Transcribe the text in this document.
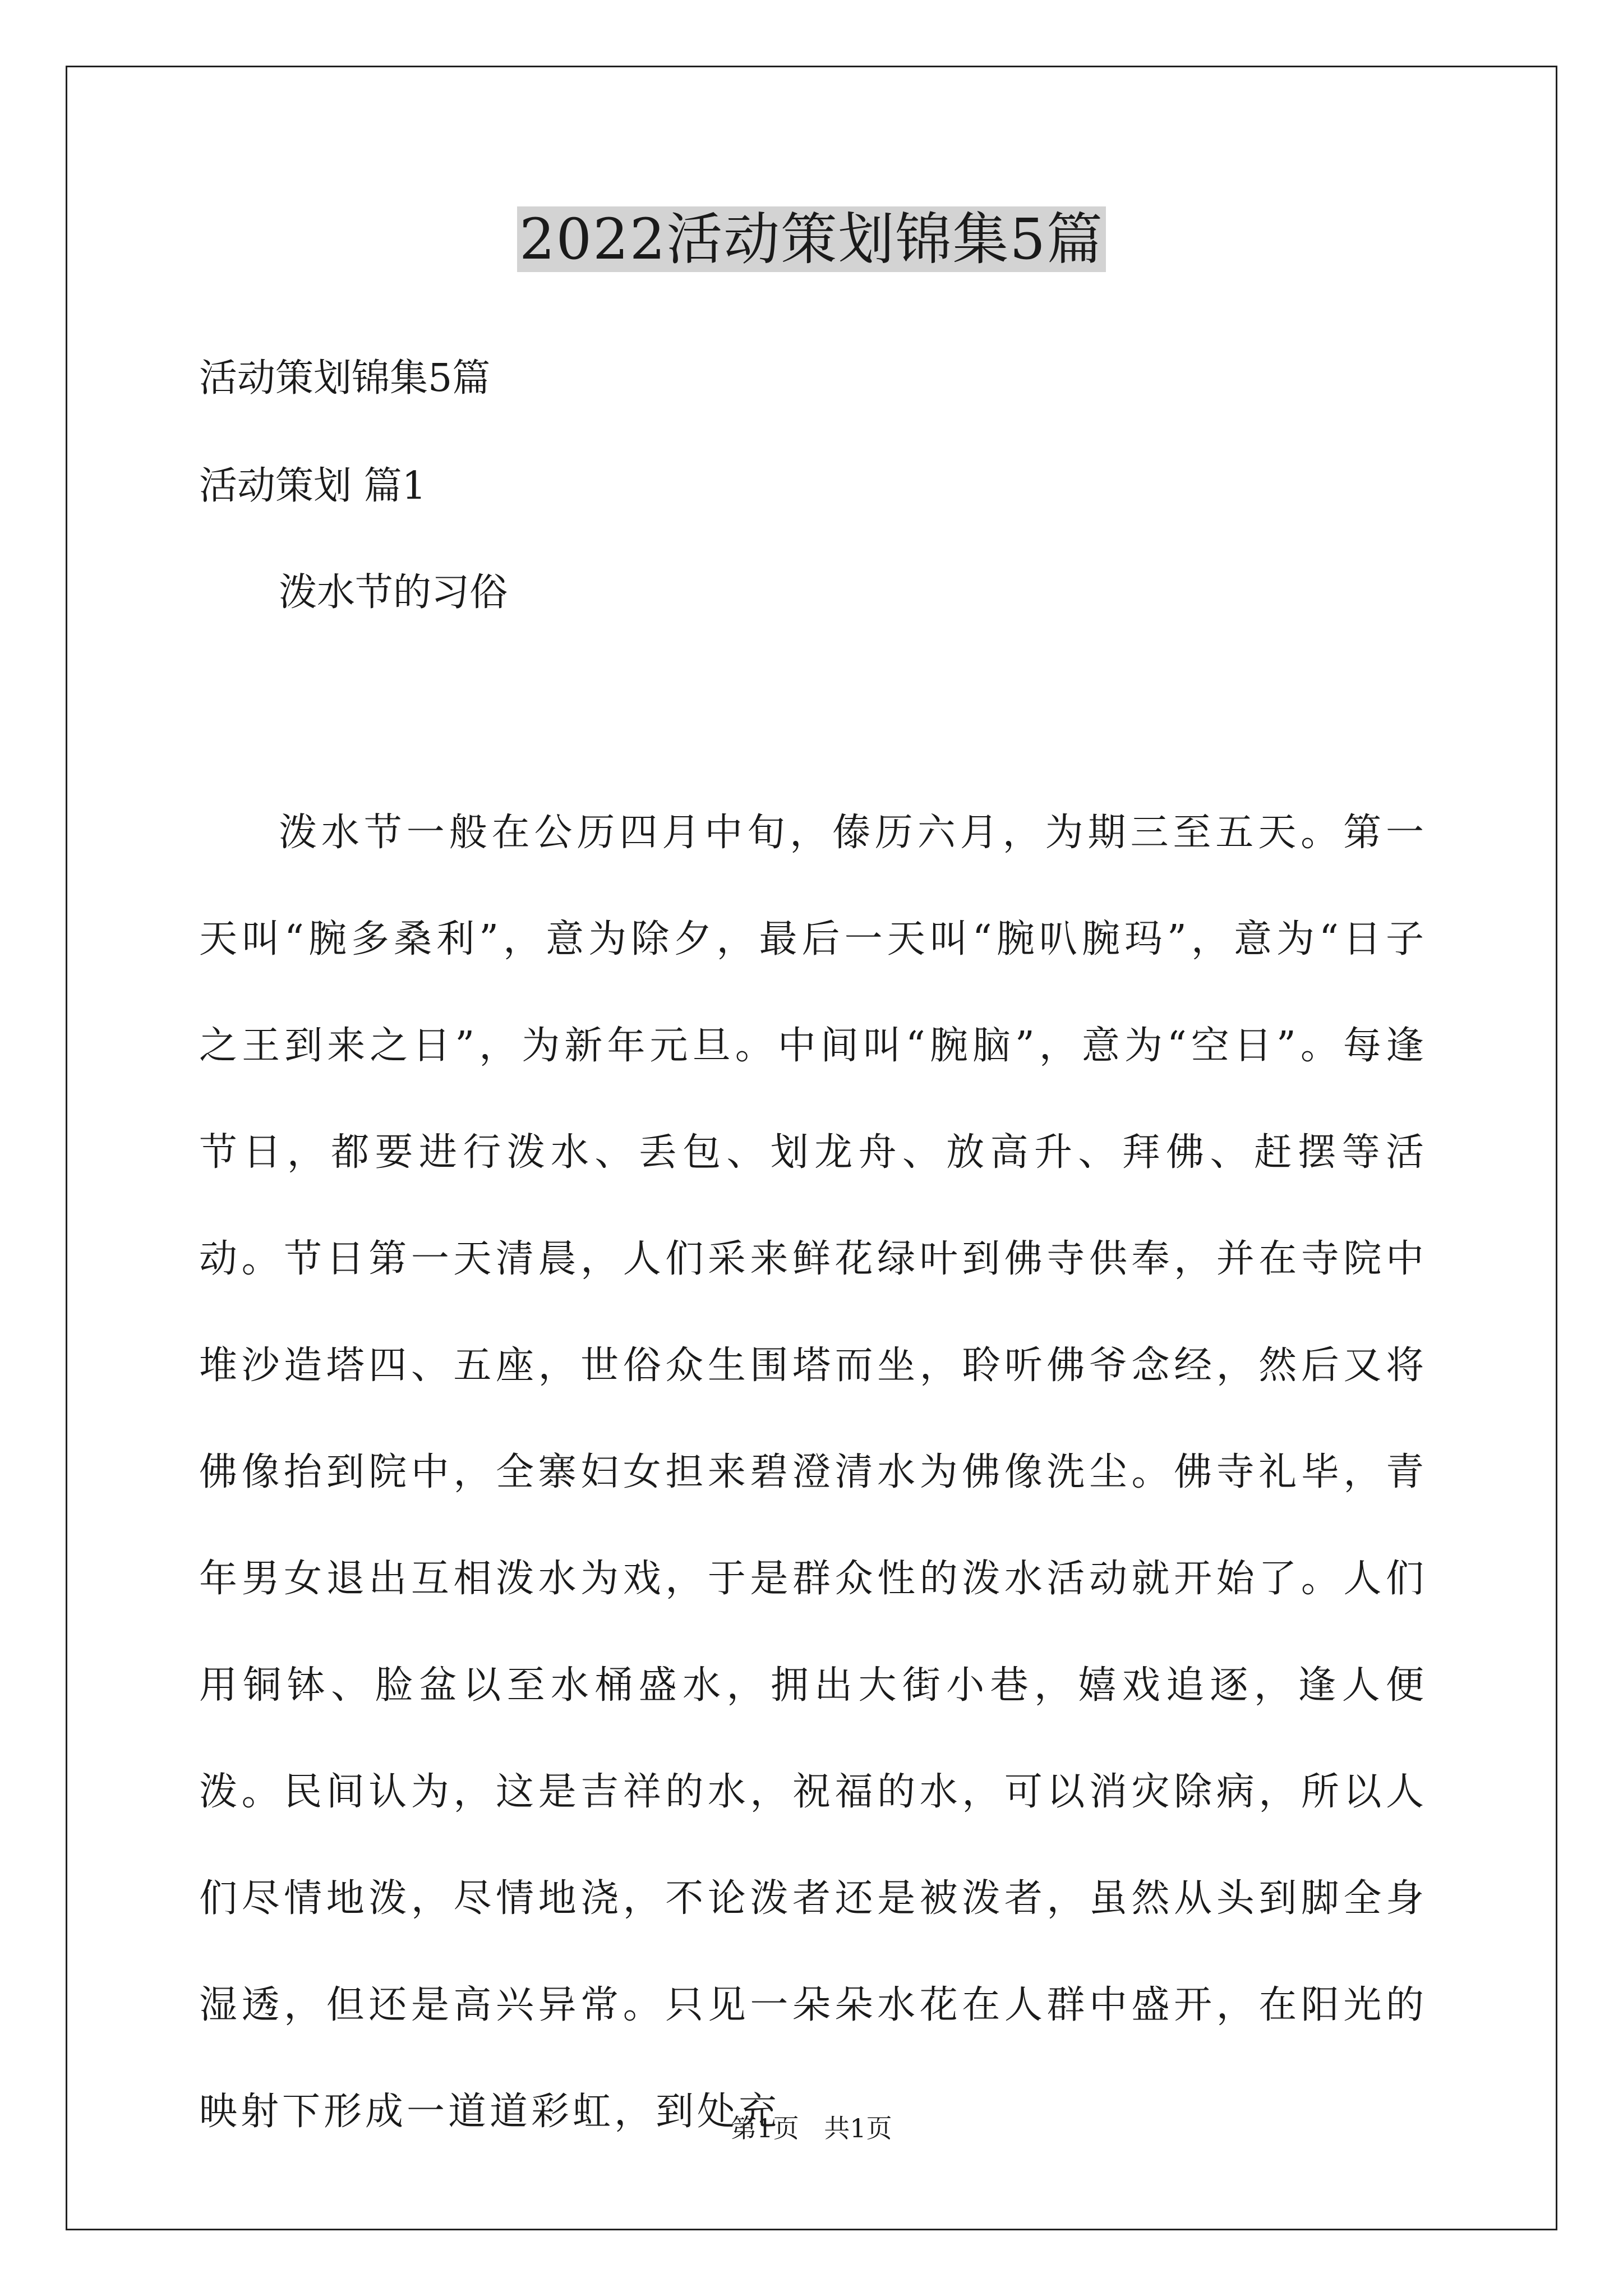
2022活动策划锦集5篇

活动策划锦集5篇

活动策划 篇1

泼水节的习俗

泼水节一般在公历四月中旬，傣历六月，为期三至五天。第一天叫“腕多桑利”，意为除夕，最后一天叫“腕叭腕玛”，意为“日子之王到来之日”，为新年元旦。中间叫“腕脑”，意为“空日”。每逢节日，都要进行泼水、丢包、划龙舟、放高升、拜佛、赶摆等活动。节日第一天清晨，人们采来鲜花绿叶到佛寺供奉，并在寺院中堆沙造塔四、五座，世俗众生围塔而坐，聆听佛爷念经，然后又将佛像抬到院中，全寨妇女担来碧澄清水为佛像洗尘。佛寺礼毕，青年男女退出互相泼水为戏，于是群众性的泼水活动就开始了。人们用铜钵、脸盆以至水桶盛水，拥出大街小巷，嬉戏追逐，逢人便泼。民间认为，这是吉祥的水，祝福的水，可以消灾除病，所以人们尽情地泼，尽情地浇，不论泼者还是被泼者，虽然从头到脚全身湿透，但还是高兴异常。只见一朵朵水花在人群中盛开，在阳光的映射下形成一道道彩虹，到处充

第1页 共1页
